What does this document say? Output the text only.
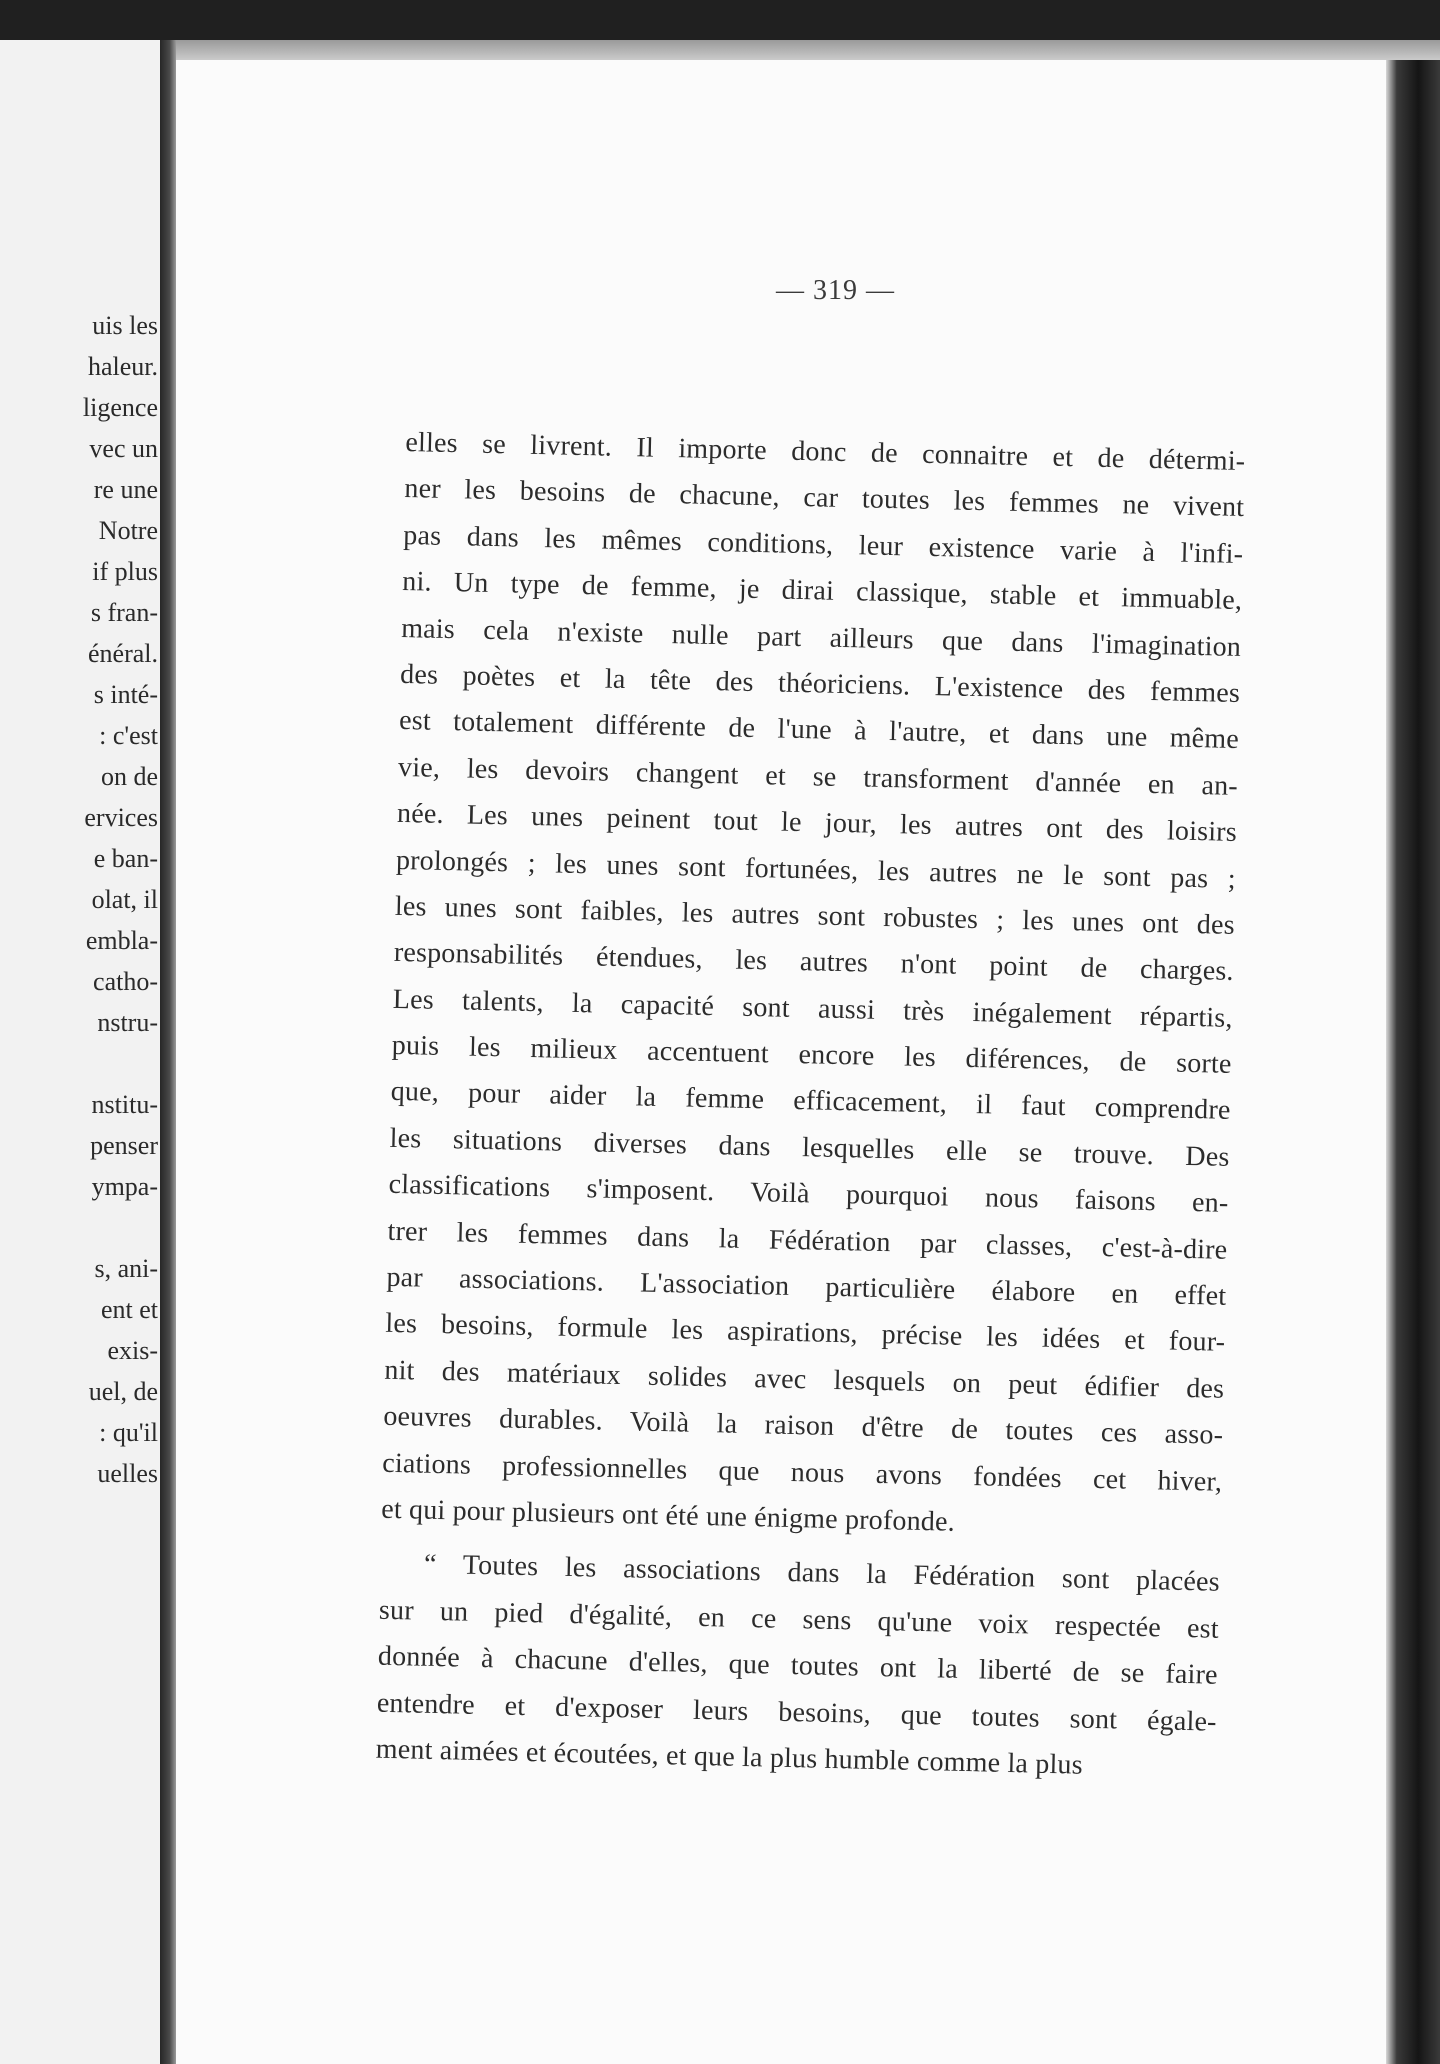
uis les
haleur.
ligence
vec un
re une
Notre
if plus
s fran-
énéral.
s inté-
: c'est
on de
ervices
e ban-
olat, il
embla-
catho-
nstru-
nstitu-
penser
ympa-
s, ani-
ent et
exis-
uel, de
: qu'il
uelles
— 319 —

elles se livrent. Il importe donc de connaitre et de détermi-

ner les besoins de chacune, car toutes les femmes ne vivent

pas dans les mêmes conditions, leur existence varie à l'infi-

ni. Un type de femme, je dirai classique, stable et immuable,

mais cela n'existe nulle part ailleurs que dans l'imagination

des poètes et la tête des théoriciens. L'existence des femmes

est totalement différente de l'une à l'autre, et dans une même

vie, les devoirs changent et se transforment d'année en an-

née. Les unes peinent tout le jour, les autres ont des loisirs

prolongés ; les unes sont fortunées, les autres ne le sont pas ;

les unes sont faibles, les autres sont robustes ; les unes ont des

responsabilités étendues, les autres n'ont point de charges.

Les talents, la capacité sont aussi très inégalement répartis,

puis les milieux accentuent encore les diférences, de sorte

que, pour aider la femme efficacement, il faut comprendre

les situations diverses dans lesquelles elle se trouve. Des

classifications s'imposent. Voilà pourquoi nous faisons en-

trer les femmes dans la Fédération par classes, c'est-à-dire

par associations. L'association particulière élabore en effet

les besoins, formule les aspirations, précise les idées et four-

nit des matériaux solides avec lesquels on peut édifier des

oeuvres durables. Voilà la raison d'être de toutes ces asso-

ciations professionnelles que nous avons fondées cet hiver,

et qui pour plusieurs ont été une énigme profonde.

“ Toutes les associations dans la Fédération sont placées

sur un pied d'égalité, en ce sens qu'une voix respectée est

donnée à chacune d'elles, que toutes ont la liberté de se faire

entendre et d'exposer leurs besoins, que toutes sont égale-

ment aimées et écoutées, et que la plus humble comme la plus
